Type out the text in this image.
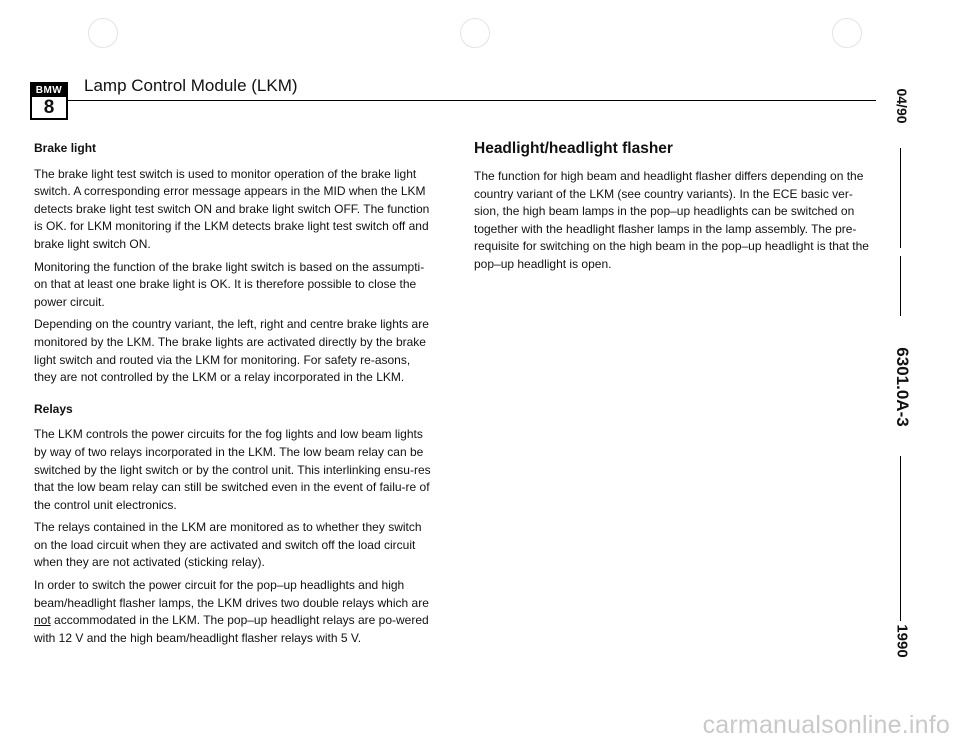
BMW
8
Lamp Control Module (LKM)
Brake light

The brake light test switch is used to monitor operation of the brake light switch. A corresponding error message appears in the MID when the LKM detects brake light test switch ON and brake light switch OFF. The function is OK. for LKM monitoring if the LKM detects brake light test switch off and brake light switch ON.

Monitoring the function of the brake light switch is based on the assumpti-on that at least one brake light is OK. It is therefore possible to close the power circuit.

Depending on the country variant, the left, right and centre brake lights are monitored by the LKM. The brake lights are activated directly by the brake light switch and routed via the LKM for monitoring. For safety re-asons, they are not controlled by the LKM or a relay incorporated in the LKM.

Relays

The LKM controls the power circuits for the fog lights and low beam lights by way of two relays incorporated in the LKM. The low beam relay can be switched by the light switch or by the control unit. This interlinking ensu-res that the low beam relay can still be switched even in the event of failu-re of the control unit electronics.

The relays contained in the LKM are monitored as to whether they switch on the load circuit when they are activated and switch off the load circuit when they are not activated (sticking relay).

In order to switch the power circuit for the pop–up headlights and high beam/headlight flasher lamps, the LKM drives two double relays which are not accommodated in the LKM. The pop–up headlight relays are po-wered with 12 V and the high beam/headlight flasher relays with 5 V.

Headlight/headlight flasher

The function for high beam and headlight flasher differs depending on the country variant of the LKM (see country variants). In the ECE basic ver-sion, the high beam lamps in the pop–up headlights can be switched on together with the headlight flasher lamps in the lamp assembly. The pre-requisite for switching on the high beam in the pop–up headlight is that the pop–up headlight is open.

04/90
6301.0A-3
1990
carmanualsonline.info
